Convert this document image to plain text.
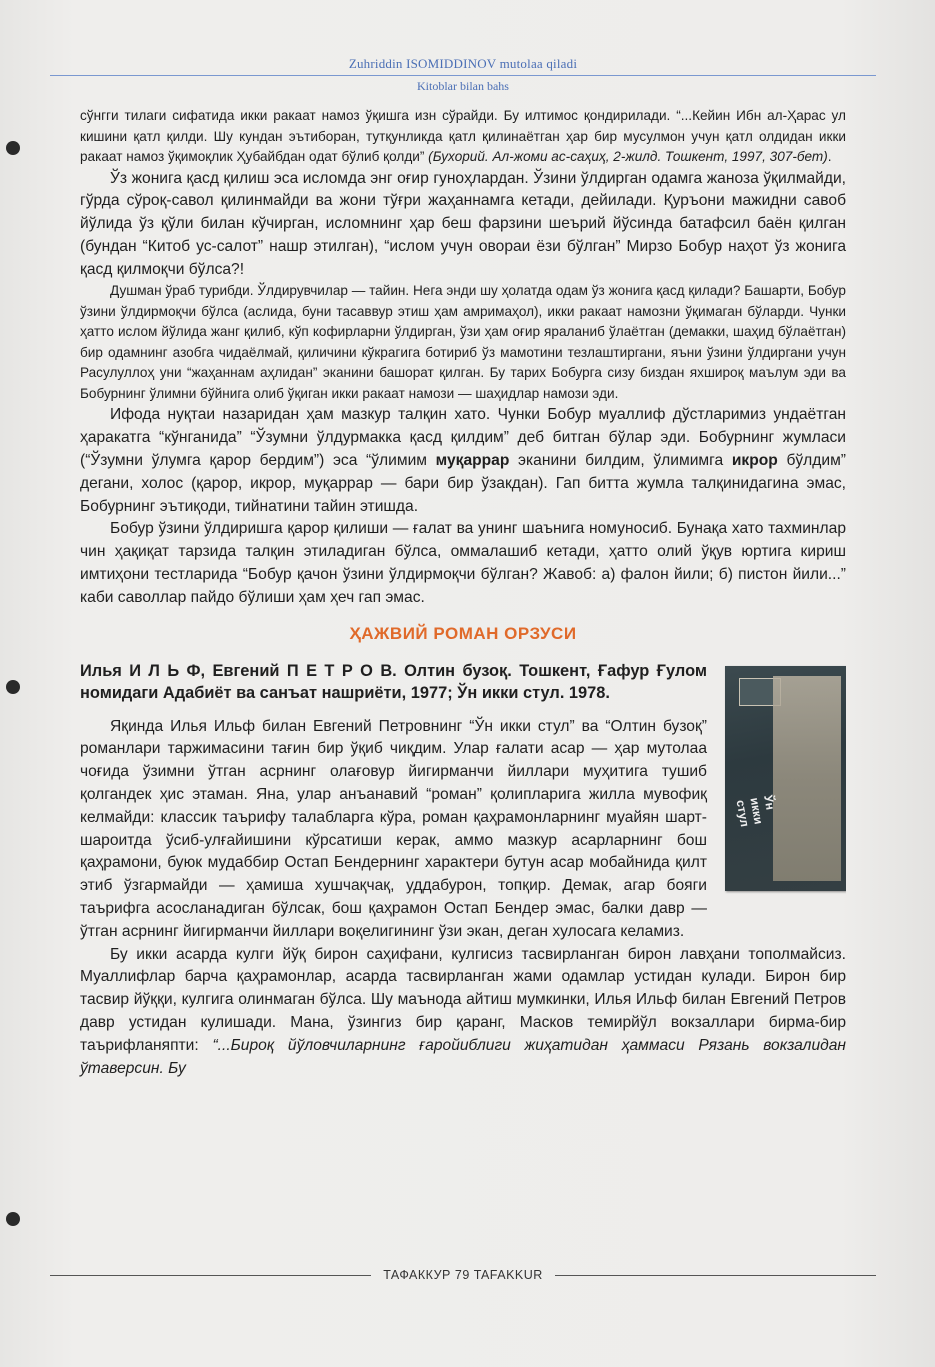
Zuhriddin ISOMIDDINOV mutolaa qiladi
Kitoblar bilan bahs

сўнгги тилаги сифатида икки ракаат намоз ўқишга изн сўрайди. Бу илтимос қондирилади. “...Кейин Ибн ал-Ҳарас ул кишини қатл қилди. Шу кундан эътиборан, тутқунликда қатл қилинаётган ҳар бир мусулмон учун қатл олдидан икки ракаат намоз ўқимоқлик Ҳубайбдан одат бўлиб қолди” (Бухорий. Ал-жоми ас-саҳиҳ, 2-жилд. Тошкент, 1997, 307-бет).

Ўз жонига қасд қилиш эса исломда энг оғир гуноҳлардан. Ўзини ўлдирган одамга жаноза ўқилмайди, гўрда сўроқ-савол қилинмайди ва жони тўғри жаҳаннамга кетади, дейилади. Қуръони мажидни савоб йўлида ўз қўли билан кўчирган, исломнинг ҳар беш фарзини шеърий йўсинда батафсил баён қилган (бундан “Китоб ус-салот” нашр этилган), “ислом учун овораи ёзи бўлган” Мирзо Бобур наҳот ўз жонига қасд қилмоқчи бўлса?!

Душман ўраб турибди. Ўлдирувчилар — тайин. Нега энди шу ҳолатда одам ўз жонига қасд қилади? Башарти, Бобур ўзини ўлдирмоқчи бўлса (аслида, буни тасаввур этиш ҳам амримаҳол), икки ракаат намозни ўқимаган бўларди. Чунки ҳатто ислом йўлида жанг қилиб, кўп кофирларни ўлдирган, ўзи ҳам оғир яраланиб ўлаётган (демакки, шаҳид бўлаётган) бир одамнинг азобга чидаёлмай, қиличини кўкрагига ботириб ўз мамотини тезлаштиргани, яъни ўзини ўлдиргани учун Расулуллоҳ уни “жаҳаннам аҳлидан” эканини башорат қилган. Бу тарих Бобурга сизу биздан яхшироқ маълум эди ва Бобурнинг ўлимни бўйнига олиб ўқиган икки ракаат намози — шаҳидлар намози эди.

Ифода нуқтаи назаридан ҳам мазкур талқин хато. Чунки Бобур муаллиф дўстларимиз ундаётган ҳаракатга “кўнганида” “Ўзумни ўлдурмакка қасд қилдим” деб битган бўлар эди. Бобурнинг жумласи (“Ўзумни ўлумга қарор бердим”) эса “ўлимим муқаррар эканини билдим, ўлимимга икрор бўлдим” дегани, холос (қарор, икрор, муқаррар — бари бир ўзакдан). Гап битта жумла талқинидагина эмас, Бобурнинг эътиқоди, тийнатини тайин этишда.

Бобур ўзини ўлдиришга қарор қилиши — ғалат ва унинг шаънига номуносиб. Бунақа хато тахминлар чин ҳақиқат тарзида талқин этиладиган бўлса, оммалашиб кетади, ҳатто олий ўқув юртига кириш имтиҳони тестларида “Бобур қачон ўзини ўлдирмоқчи бўлган? Жавоб: а) фалон йили; б) пистон йили...” каби саволлар пайдо бўлиши ҳам ҳеч гап эмас.

ҲАЖВИЙ РОМАН ОРЗУСИ
Ўн икки стул

Илья И Л Ь Ф, Евгений П Е Т Р О В. Олтин бузоқ. Тошкент, Ғафур Ғулом номидаги Адабиёт ва санъат нашриёти, 1977; Ўн икки стул. 1978.

Яқинда Илья Ильф билан Евгений Петровнинг “Ўн икки стул” ва “Олтин бузоқ” романлари таржимасини тағин бир ўқиб чиқдим. Улар ғалати асар — ҳар мутолаа чоғида ўзимни ўтган асрнинг олағовур йигирманчи йиллари муҳитига тушиб қолгандек ҳис этаман. Яна, улар анъанавий “роман” қолипларига жилла мувофиқ келмайди: классик таърифу талабларга кўра, роман қаҳрамонларнинг муайян шарт-шароитда ўсиб-улғайишини кўрсатиши керак, аммо мазкур асарларнинг бош қаҳрамони, буюк мудаббир Остап Бендернинг характери бутун асар мобайнида қилт этиб ўзгармайди — ҳамиша хушчақчақ, уддабурон, топқир. Демак, агар бояги таърифга асосланадиган бўлсак, бош қаҳрамон Остап Бендер эмас, балки давр — ўтган асрнинг йигирманчи йиллари воқелигининг ўзи экан, деган хулосага келамиз.

Бу икки асарда кулги йўқ бирон саҳифани, кулгисиз тасвирланган бирон лавҳани тополмайсиз. Муаллифлар барча қаҳрамонлар, асарда тасвирланган жами одамлар устидан кулади. Бирон бир тасвир йўққи, кулгига олинмаган бўлса. Шу маънода айтиш мумкинки, Илья Ильф билан Евгений Петров давр устидан кулишади. Мана, ўзингиз бир қаранг, Масков темирйўл вокзаллари бирма-бир таърифланяпти: “...Бироқ йўловчиларнинг ғаройиблиги жиҳатидан ҳаммаси Рязань вокзалидан ўтаверсин. Бу

ТАФАККУР 79 TAFAKKUR
